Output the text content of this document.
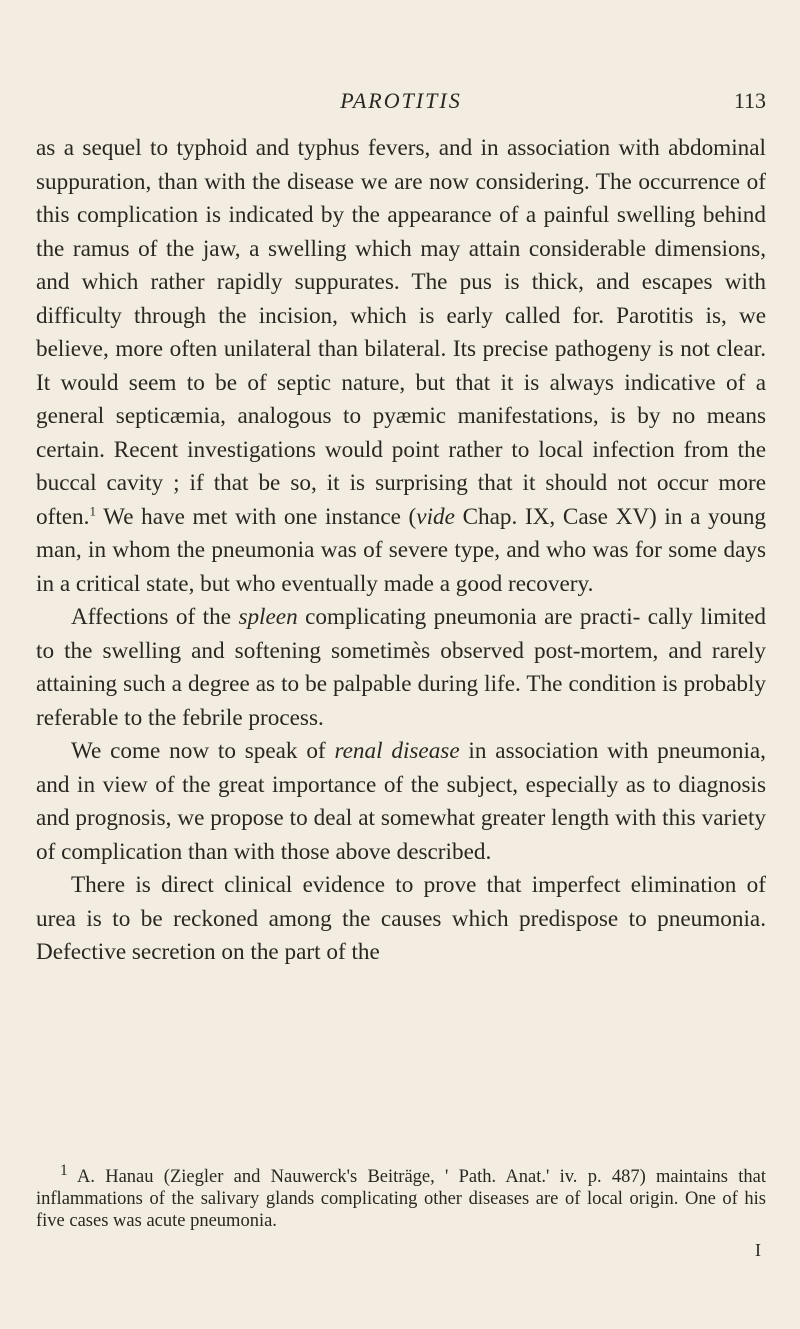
PAROTITIS	113

as a sequel to typhoid and typhus fevers, and in association with abdominal suppuration, than with the disease we are now considering. The occurrence of this complication is indicated by the appearance of a painful swelling behind the ramus of the jaw, a swelling which may attain considerable dimensions, and which rather rapidly suppurates. The pus is thick, and escapes with difficulty through the incision, which is early called for. Parotitis is, we believe, more often unilateral than bilateral. Its precise pathogeny is not clear. It would seem to be of septic nature, but that it is always indicative of a general septicæmia, analogous to pyæmic manifestations, is by no means certain. Recent investigations would point rather to local infection from the buccal cavity ; if that be so, it is surprising that it should not occur more often.$^1$ We have met with one instance (vide Chap. IX, Case XV) in a young man, in whom the pneumonia was of severe type, and who was for some days in a critical state, but who eventually made a good recovery.

Affections of the spleen complicating pneumonia are practi- cally limited to the swelling and softening sometimès observed post-mortem, and rarely attaining such a degree as to be palpable during life. The condition is probably referable to the febrile process.

We come now to speak of renal disease in association with pneumonia, and in view of the great importance of the subject, especially as to diagnosis and prognosis, we propose to deal at somewhat greater length with this variety of complication than with those above described.

There is direct clinical evidence to prove that imperfect elimination of urea is to be reckoned among the causes which predispose to pneumonia. Defective secretion on the part of the

$^1$ A. Hanau (Ziegler and Nauwerck's Beiträge, ' Path. Anat.' iv. p. 487) maintains that inflammations of the salivary glands complicating other diseases are of local origin. One of his five cases was acute pneumonia.

I
